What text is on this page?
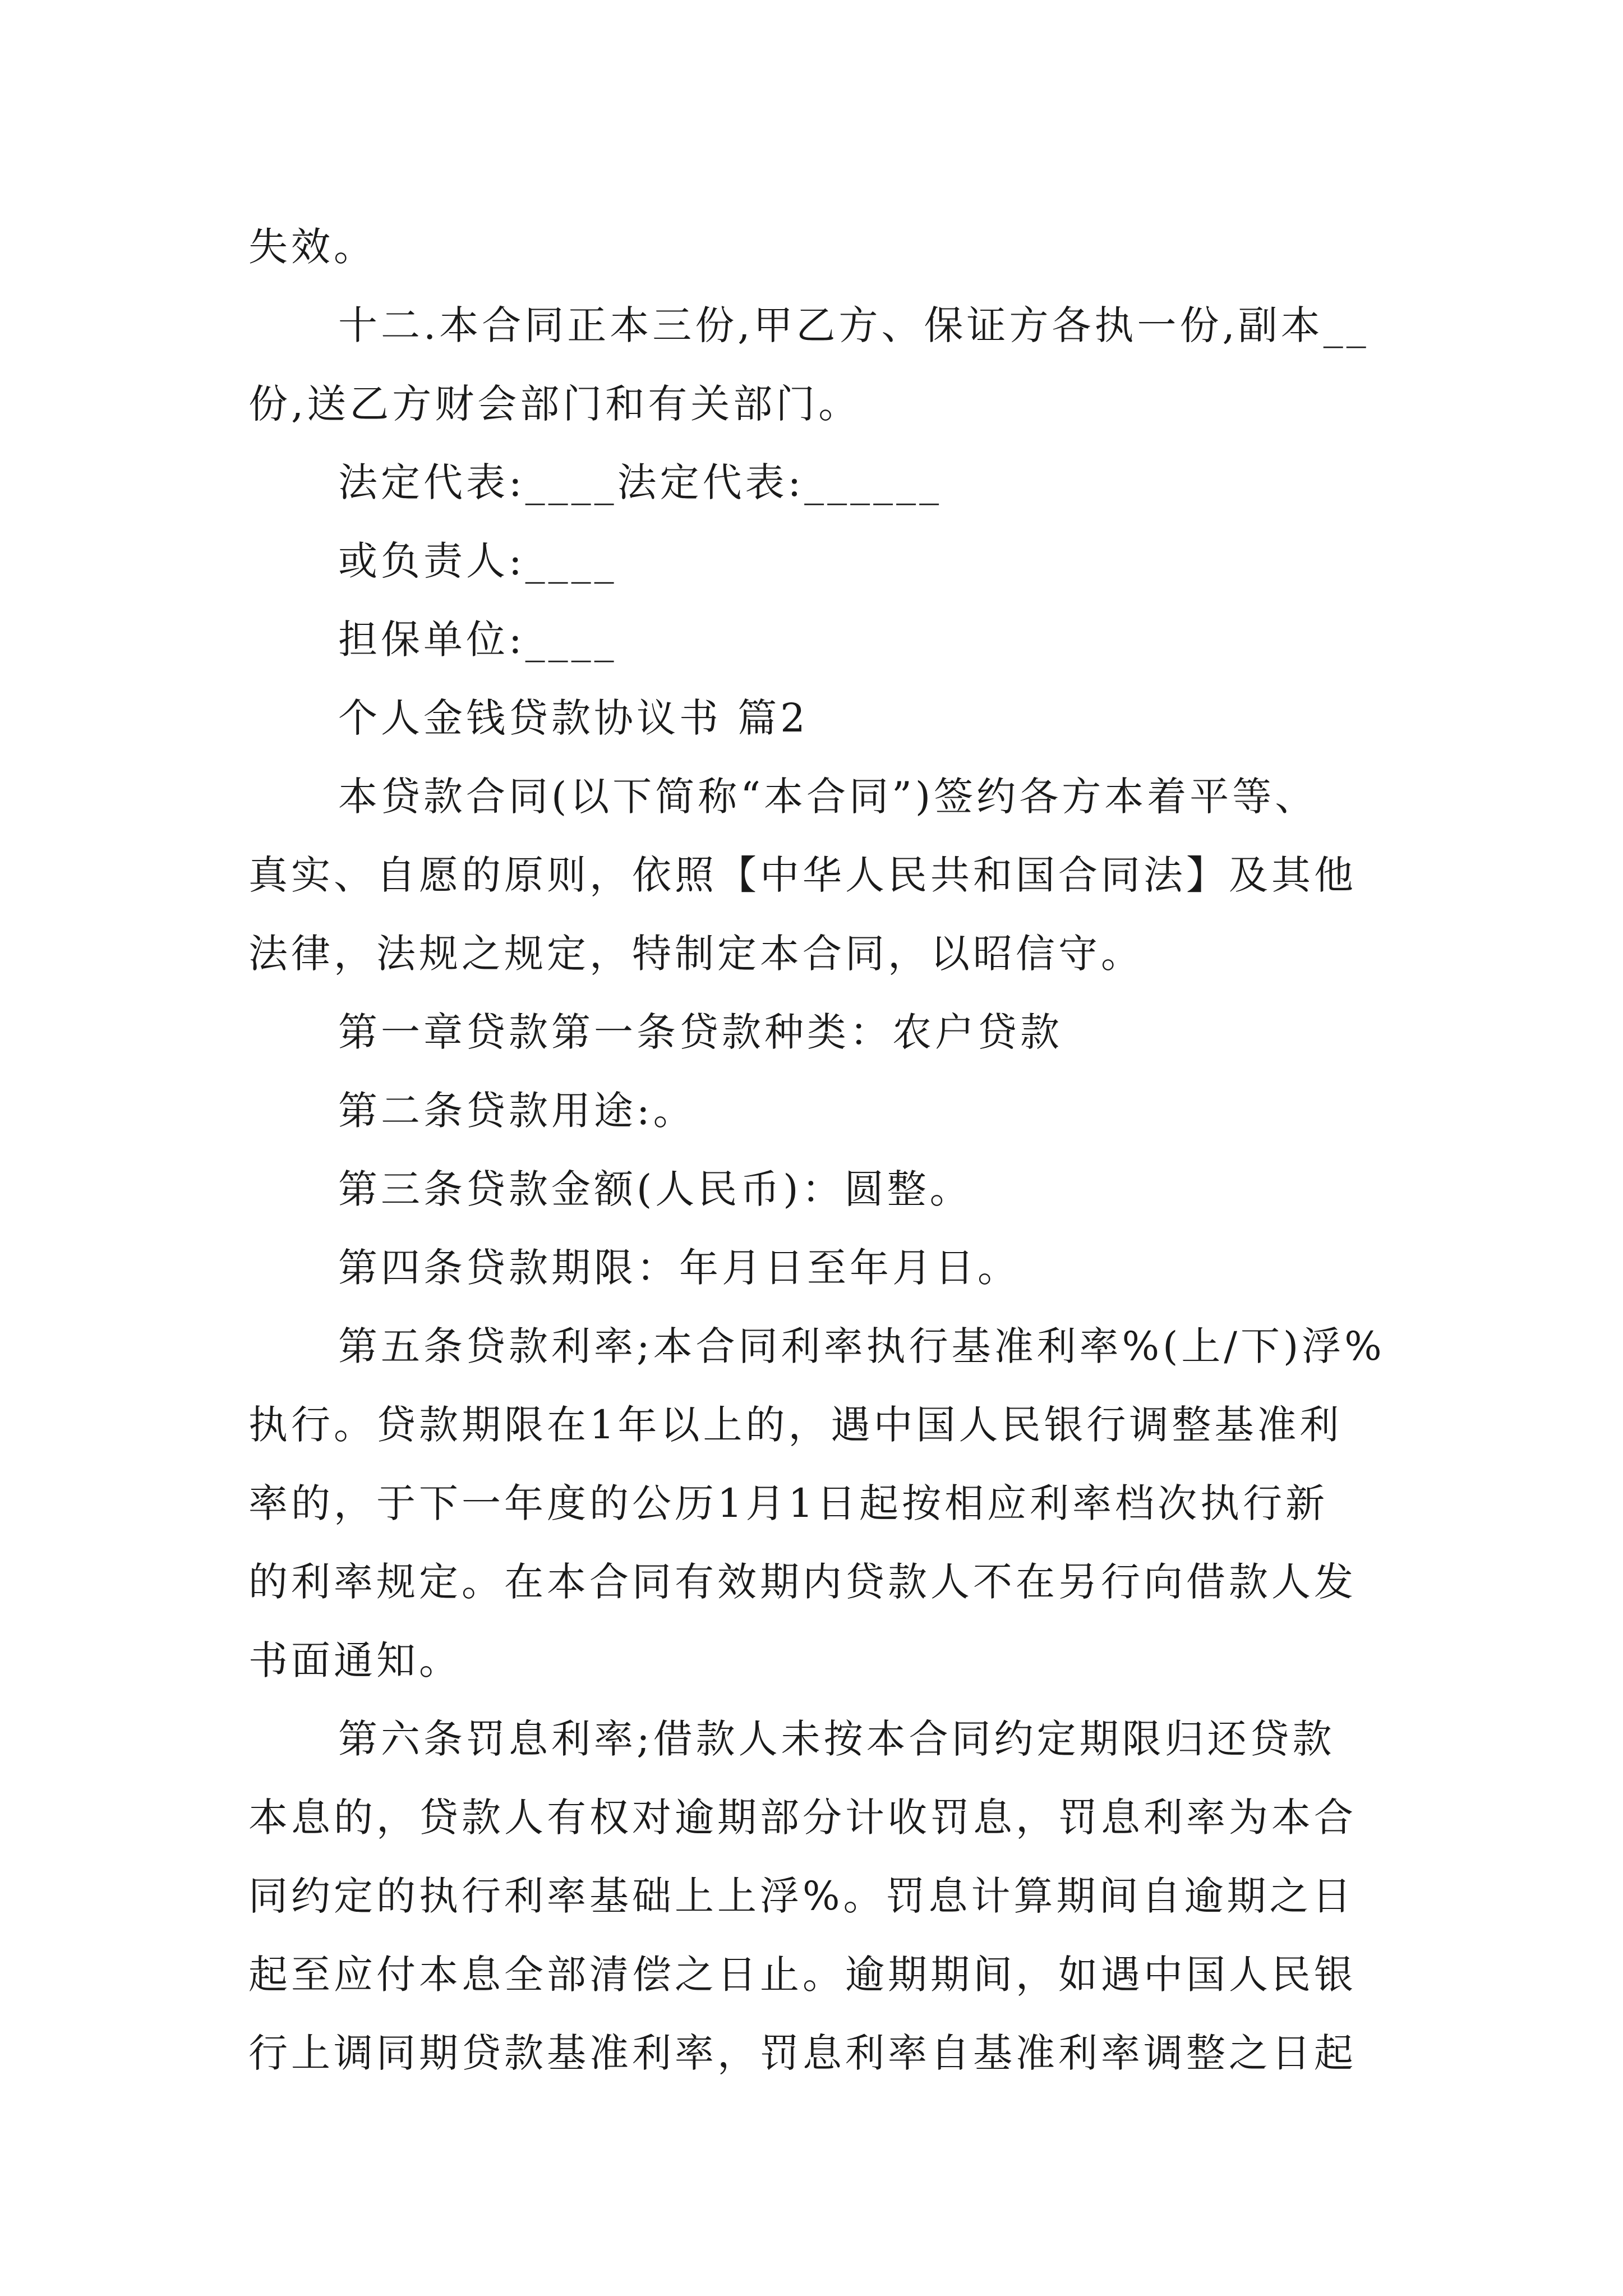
失效。
十二.本合同正本三份,甲乙方、保证方各执一份,副本__
份,送乙方财会部门和有关部门。
法定代表:____法定代表:______
或负责人:____
担保单位:____
个人金钱贷款协议书 篇2
本贷款合同(以下简称“本合同”)签约各方本着平等、
真实、自愿的原则，依照【中华人民共和国合同法】及其他
法律，法规之规定，特制定本合同，以昭信守。
第一章贷款第一条贷款种类：农户贷款
第二条贷款用途:。
第三条贷款金额(人民币)：圆整。
第四条贷款期限：年月日至年月日。
第五条贷款利率;本合同利率执行基准利率%(上/下)浮%
执行。贷款期限在1年以上的，遇中国人民银行调整基准利
率的，于下一年度的公历1月1日起按相应利率档次执行新
的利率规定。在本合同有效期内贷款人不在另行向借款人发
书面通知。
第六条罚息利率;借款人未按本合同约定期限归还贷款
本息的，贷款人有权对逾期部分计收罚息，罚息利率为本合
同约定的执行利率基础上上浮%。罚息计算期间自逾期之日
起至应付本息全部清偿之日止。逾期期间，如遇中国人民银
行上调同期贷款基准利率，罚息利率自基准利率调整之日起
